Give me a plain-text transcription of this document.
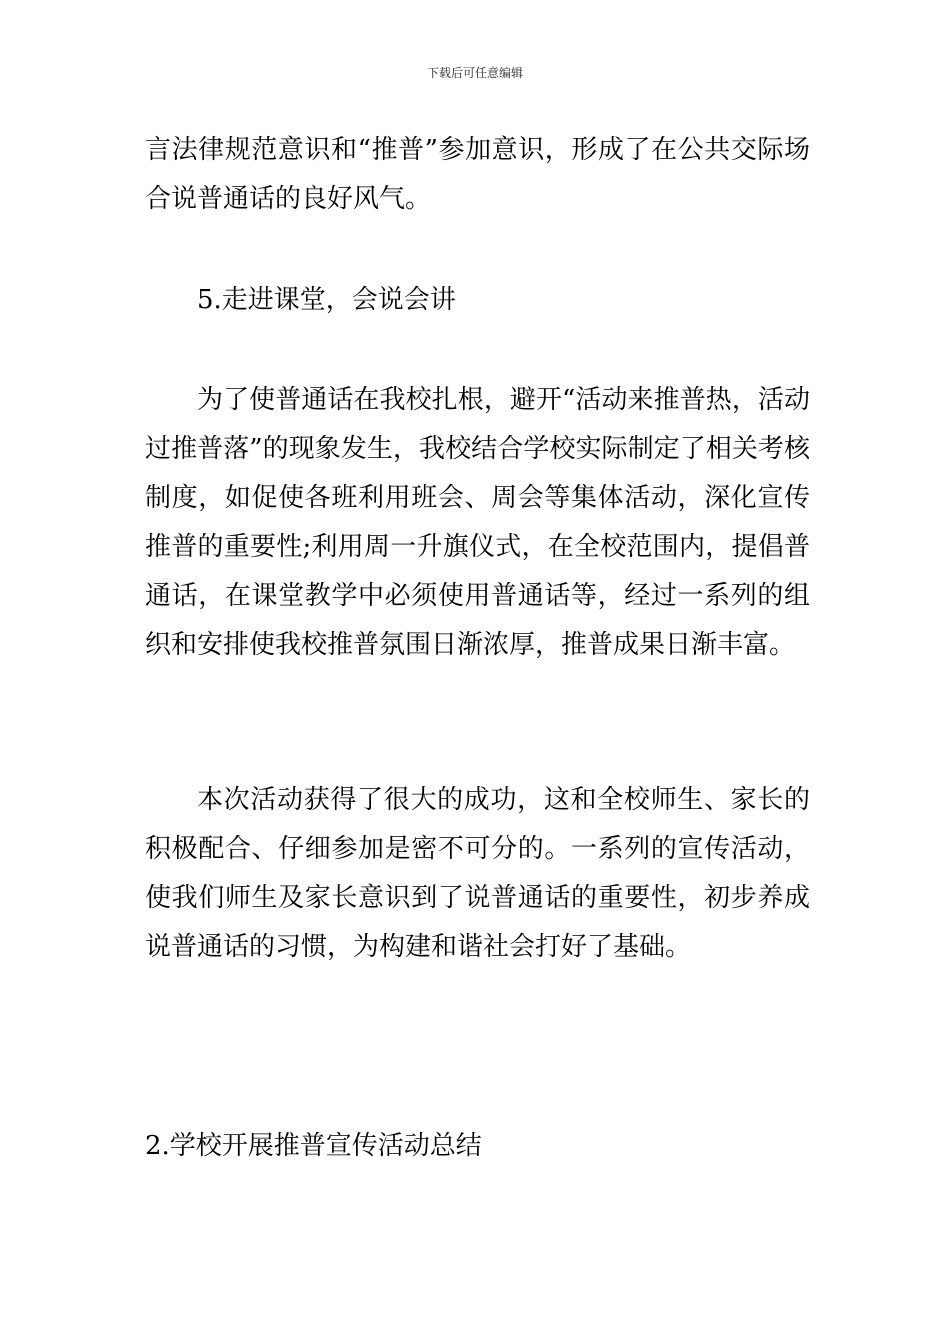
下载后可任意编辑

言法律规范意识和“推普”参加意识，形成了在公共交际场合说普通话的良好风气。

5.走进课堂，会说会讲

为了使普通话在我校扎根，避开“活动来推普热，活动过推普落”的现象发生，我校结合学校实际制定了相关考核制度，如促使各班利用班会、周会等集体活动，深化宣传推普的重要性;利用周一升旗仪式，在全校范围内，提倡普通话，在课堂教学中必须使用普通话等，经过一系列的组织和安排使我校推普氛围日渐浓厚，推普成果日渐丰富。

本次活动获得了很大的成功，这和全校师生、家长的积极配合、仔细参加是密不可分的。一系列的宣传活动，使我们师生及家长意识到了说普通话的重要性，初步养成说普通话的习惯，为构建和谐社会打好了基础。

2.学校开展推普宣传活动总结
